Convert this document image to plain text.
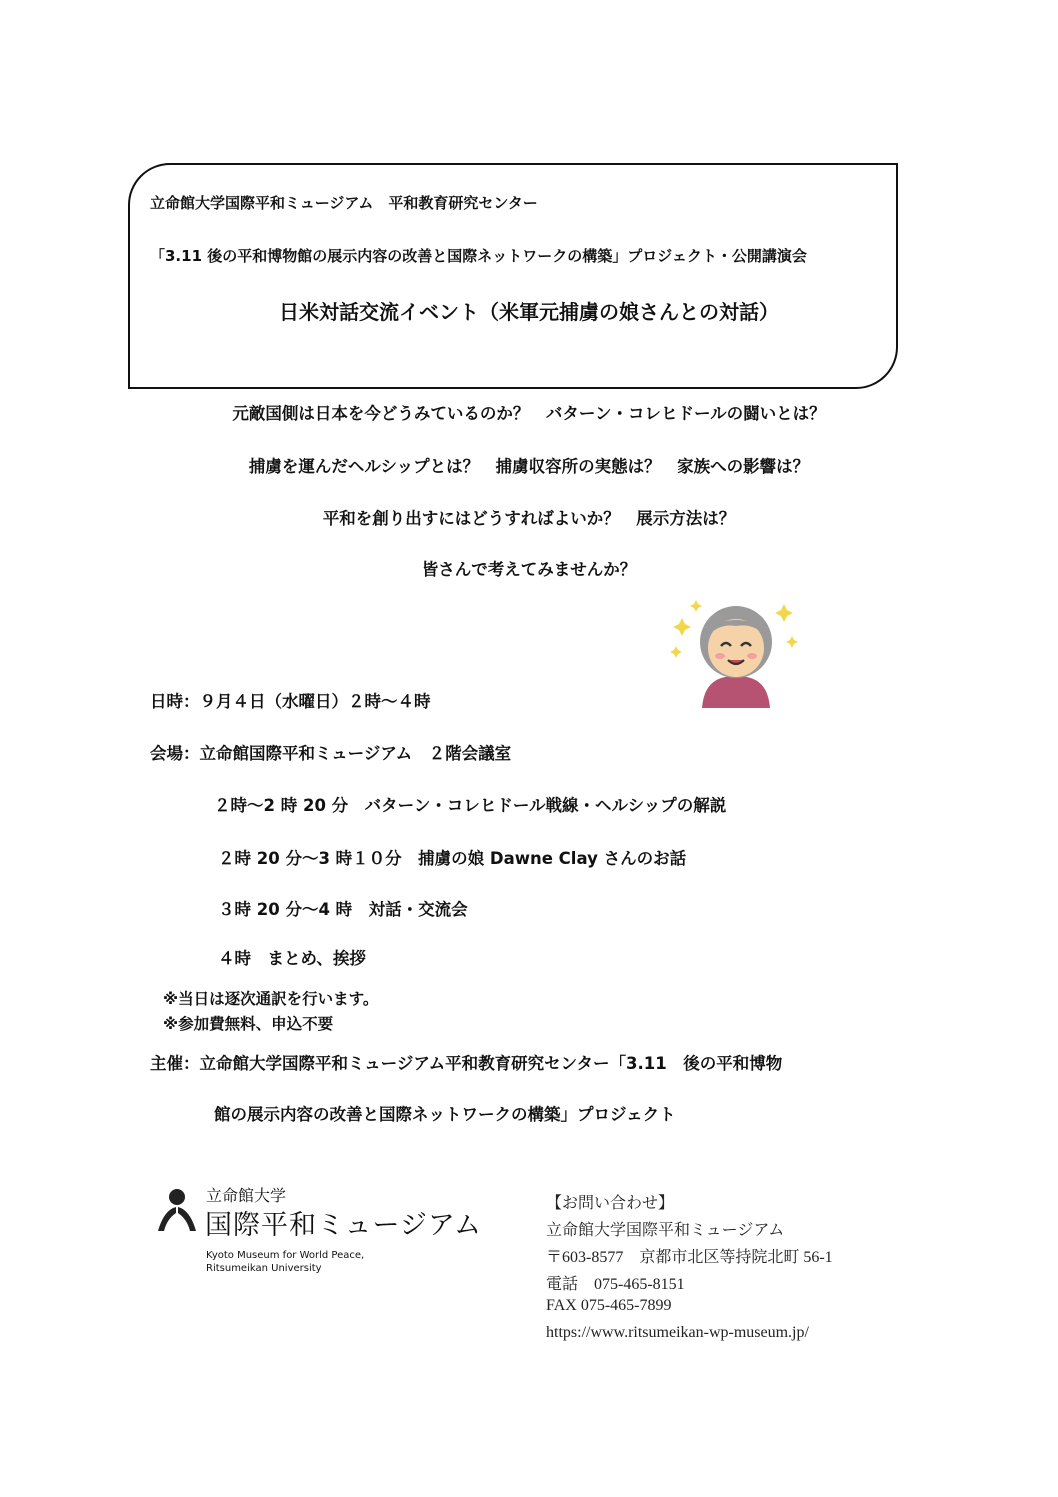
立命館大学国際平和ミュージアム　平和教育研究センター
「3.11 後の平和博物館の展示内容の改善と国際ネットワークの構築」プロジェクト・公開講演会
日米対話交流イベント（米軍元捕虜の娘さんとの対話）
元敵国側は日本を今どうみているのか？　バターン・コレヒドールの闘いとは？
捕虜を運んだヘルシップとは？　捕虜収容所の実態は？　家族への影響は？
平和を創り出すにはどうすればよいか？　展示方法は？
皆さんで考えてみませんか？
日時：９月４日（水曜日）２時～４時
会場：立命館国際平和ミュージアム　２階会議室
２時～2 時 20 分　バターン・コレヒドール戦線・ヘルシップの解説
２時 20 分～3 時１０分　捕虜の娘 Dawne Clay さんのお話
３時 20 分～4 時　対話・交流会
４時　まとめ、挨拶
※当日は逐次通訳を行います。
※参加費無料、申込不要
主催：立命館大学国際平和ミュージアム平和教育研究センター「3.11　後の平和博物
館の展示内容の改善と国際ネットワークの構築」プロジェクト
立命館大学
国際平和ミュージアム
Kyoto Museum for World Peace,
Ritsumeikan University
【お問い合わせ】
立命館大学国際平和ミュージアム
〒603-8577　京都市北区等持院北町 56-1
電話　075-465-8151
FAX 075-465-7899
https://www.ritsumeikan-wp-museum.jp/
